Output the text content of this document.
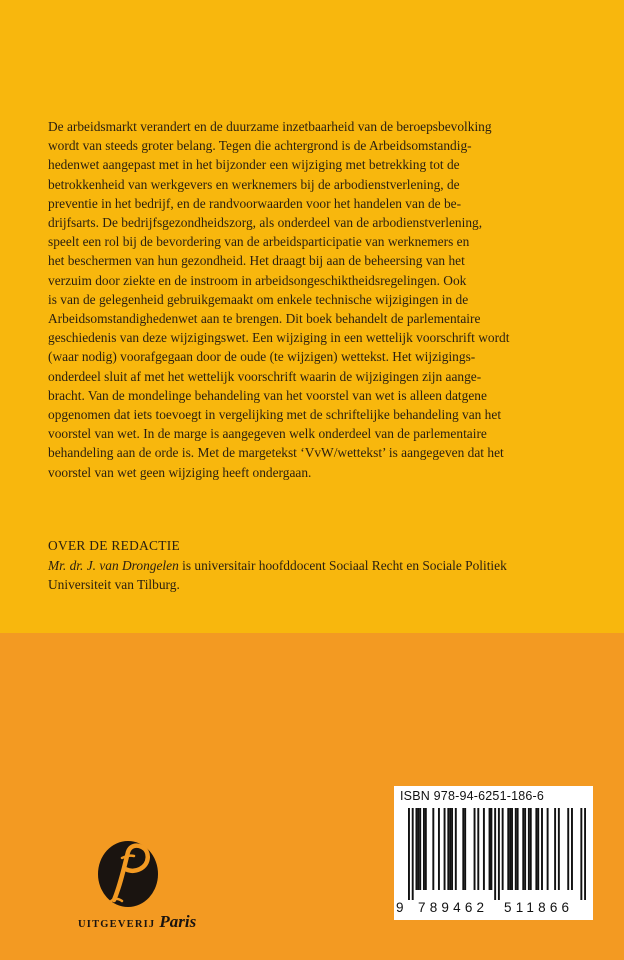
De arbeidsmarkt verandert en de duurzame inzetbaarheid van de beroepsbevolking
wordt van steeds groter belang. Tegen die achtergrond is de Arbeidsomstandig-
hedenwet aangepast met in het bijzonder een wijziging met betrekking tot de
betrokkenheid van werkgevers en werknemers bij de arbodienstverlening, de
preventie in het bedrijf, en de randvoorwaarden voor het handelen van de be-
drijfsarts. De bedrijfsgezondheidszorg, als onderdeel van de arbodienstverlening,
speelt een rol bij de bevordering van de arbeidsparticipatie van werknemers en
het beschermen van hun gezondheid. Het draagt bij aan de beheersing van het
verzuim door ziekte en de instroom in arbeidsongeschiktheidsregelingen. Ook
is van de gelegenheid gebruikgemaakt om enkele technische wijzigingen in de
Arbeidsomstandighedenwet aan te brengen. Dit boek behandelt de parlementaire
geschiedenis van deze wijzigingswet. Een wijziging in een wettelijk voorschrift wordt
(waar nodig) voorafgegaan door de oude (te wijzigen) wettekst. Het wijzigings-
onderdeel sluit af met het wettelijk voorschrift waarin de wijzigingen zijn aange-
bracht. Van de mondelinge behandeling van het voorstel van wet is alleen datgene
opgenomen dat iets toevoegt in vergelijking met de schriftelijke behandeling van het
voorstel van wet. In de marge is aangegeven welk onderdeel van de parlementaire
behandeling aan de orde is. Met de margetekst ‘VvW/wettekst’ is aangegeven dat het
voorstel van wet geen wijziging heeft ondergaan.
OVER DE REDACTIE
Mr. dr. J. van Drongelen is universitair hoofddocent Sociaal Recht en Sociale Politiek
Universiteit van Tilburg.
UITGEVERIJ Paris
ISBN 978-94-6251-186-6
9 789462 511866
